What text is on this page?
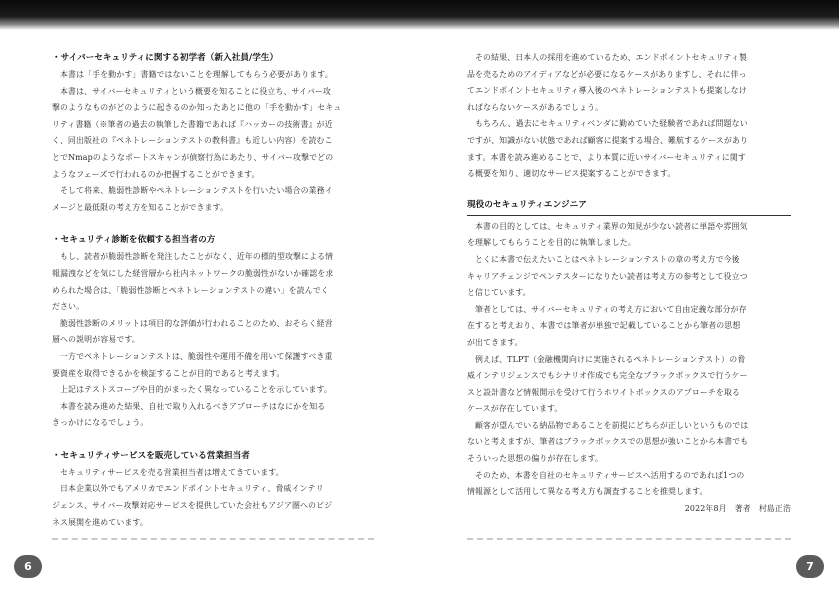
・サイバーセキュリティに関する初学者（新入社員/学生）

本書は「手を動かす」書籍ではないことを理解してもらう必要があります。

本書は、サイバーセキュリティという概要を知ることに役立ち、サイバー攻

撃のようなものがどのように起きるのか知ったあとに他の「手を動かす」セキュ

リティ書籍（※筆者の過去の執筆した書籍であれば『ハッカーの技術書』が近

く、同出版社の『ペネトレーションテストの教科書』も近しい内容）を読むこ

とでNmapのようなポートスキャンが偵察行為にあたり、サイバー攻撃でどの

ようなフェーズで行われるのか把握することができます。

そして将来、脆弱性診断やペネトレーションテストを行いたい場合の業務イ

メージと最低限の考え方を知ることができます。

・セキュリティ診断を依頼する担当者の方

もし、読者が脆弱性診断を発注したことがなく、近年の標的型攻撃による情

報漏洩などを気にした経営層から社内ネットワークの脆弱性がないか確認を求

められた場合は、「脆弱性診断とペネトレーションテストの違い」を読んでく

ださい。

脆弱性診断のメリットは項目的な評価が行われることのため、おそらく経営

層への説明が容易です。

一方でペネトレーションテストは、脆弱性や運用不備を用いて保護すべき重

要資産を取得できるかを検証することが目的であると考えます。

上記はテストスコープや目的がまったく異なっていることを示しています。

本書を読み進めた結果、自社で取り入れるべきアプローチはなにかを知る

きっかけになるでしょう。

・セキュリティサービスを販売している営業担当者

セキュリティサービスを売る営業担当者は増えてきています。

日本企業以外でもアメリカでエンドポイントセキュリティ、脅威インテリ

ジェンス、サイバー攻撃対応サービスを提供していた会社もアジア圏へのビジ

ネス展開を進めています。

その結果、日本人の採用を進めているため、エンドポイントセキュリティ製

品を売るためのアイディアなどが必要になるケースがありますし、それに伴っ

てエンドポイントセキュリティ導入後のペネトレーションテストも提案しなけ

ればならないケースがあるでしょう。

もちろん、過去にセキュリティベンダに勤めていた経験者であれば問題ない

ですが、知識がない状態であれば顧客に提案する場合、難航するケースがあり

ます。本書を読み進めることで、より本質に近いサイバーセキュリティに関す

る概要を知り、適切なサービス提案することができます。

現役のセキュリティエンジニア

本書の目的としては、セキュリティ業界の知見が少ない読者に単語や雰囲気

を理解してもらうことを目的に執筆しました。

とくに本書で伝えたいことはペネトレーションテストの章の考え方で今後

キャリアチェンジでペンテスターになりたい読者は考え方の参考として役立つ

と信じています。

筆者としては、サイバーセキュリティの考え方において自由定義な部分が存

在すると考えおり、本書では筆者が単独で記載していることから筆者の思想

が出てきます。

例えば、TLPT（金融機関向けに実施されるペネトレーションテスト）の脅

威インテリジェンスでもシナリオ作成でも完全なブラックボックスで行うケー

スと設計書など情報開示を受けて行うホワイトボックスのアプローチを取る

ケースが存在しています。

顧客が望んでいる納品物であることを前提にどちらが正しいというものでは

ないと考えますが、筆者はブラックボックスでの思想が強いことから本書でも

そういった思想の偏りが存在します。

そのため、本書を自社のセキュリティサービスへ活用するのであれば1つの

情報源として活用して異なる考え方も調査することを推奨します。

2022年8月　著者　村島正浩

6	7
